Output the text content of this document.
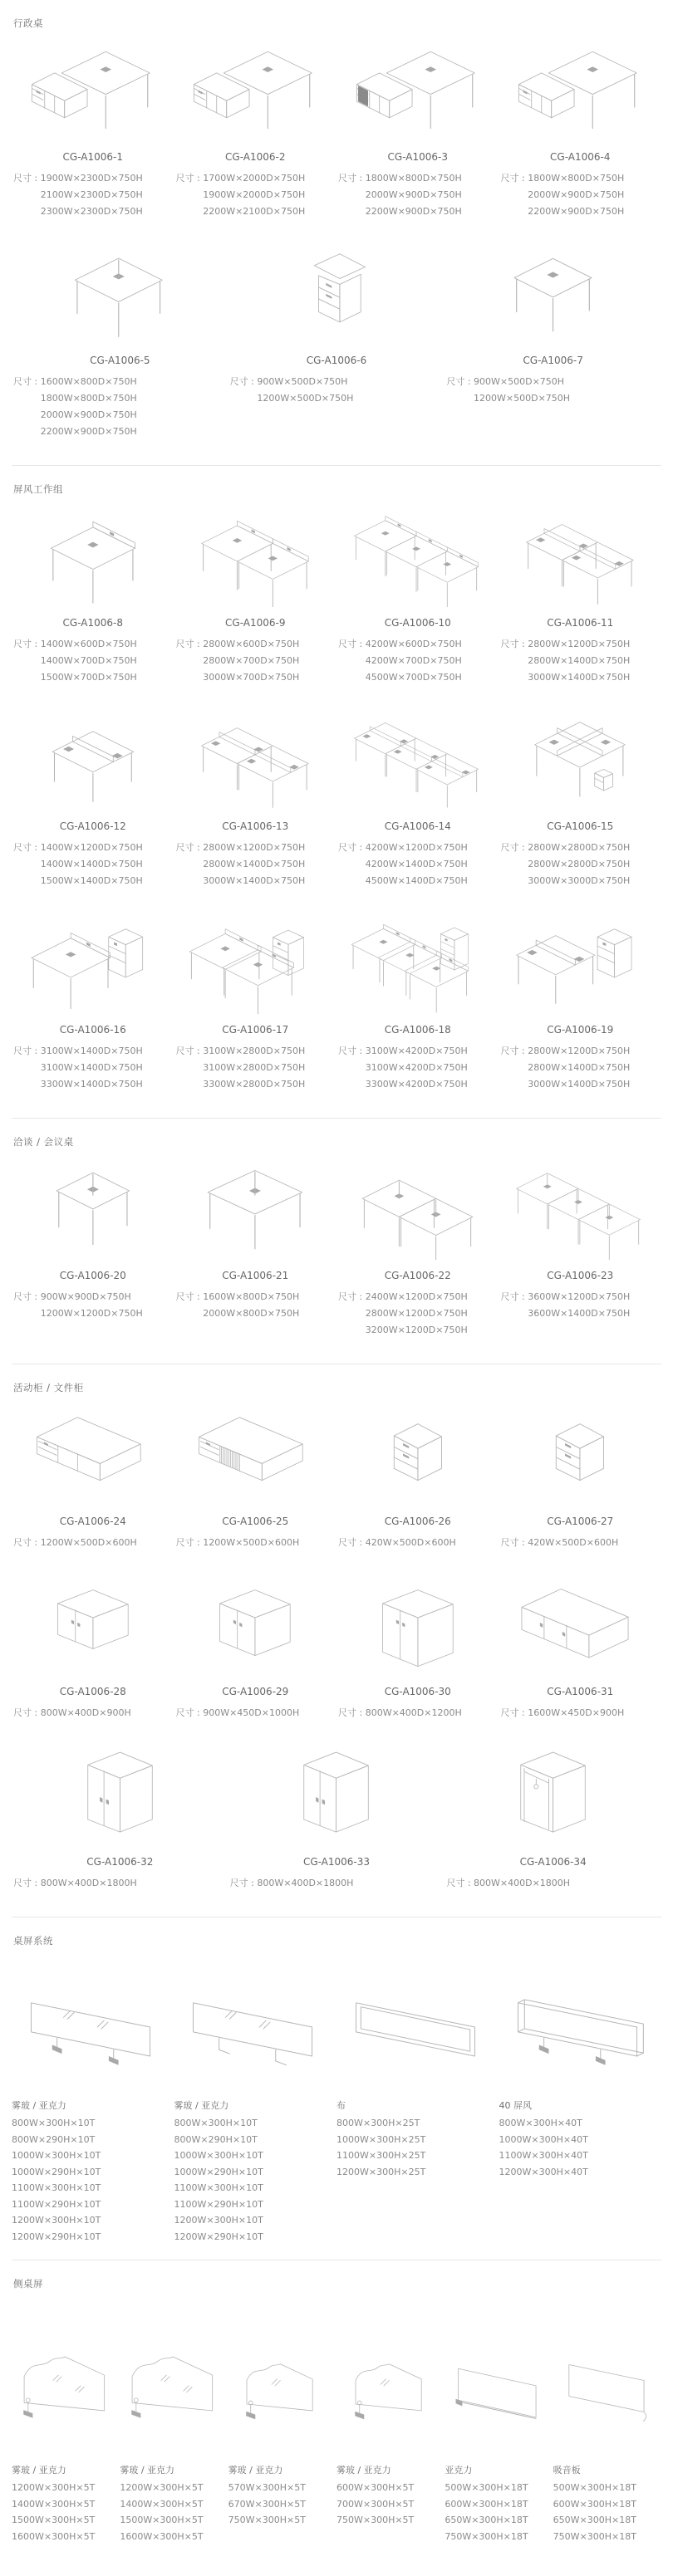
行政桌
CG-A1006-1
尺寸 : 1900W×2300D×750H
2100W×2300D×750H
2300W×2300D×750H
CG-A1006-2
尺寸 : 1700W×2000D×750H
1900W×2000D×750H
2200W×2100D×750H
CG-A1006-3
尺寸 : 1800W×800D×750H
2000W×900D×750H
2200W×900D×750H
CG-A1006-4
尺寸 : 1800W×800D×750H
2000W×900D×750H
2200W×900D×750H
CG-A1006-5
尺寸 : 1600W×800D×750H
1800W×800D×750H
2000W×900D×750H
2200W×900D×750H
CG-A1006-6
尺寸 : 900W×500D×750H
1200W×500D×750H
CG-A1006-7
尺寸 : 900W×500D×750H
1200W×500D×750H
屏风工作组
CG-A1006-8
尺寸 : 1400W×600D×750H
1400W×700D×750H
1500W×700D×750H
CG-A1006-9
尺寸 : 2800W×600D×750H
2800W×700D×750H
3000W×700D×750H
CG-A1006-10
尺寸 : 4200W×600D×750H
4200W×700D×750H
4500W×700D×750H
CG-A1006-11
尺寸 : 2800W×1200D×750H
2800W×1400D×750H
3000W×1400D×750H
CG-A1006-12
尺寸 : 1400W×1200D×750H
1400W×1400D×750H
1500W×1400D×750H
CG-A1006-13
尺寸 : 2800W×1200D×750H
2800W×1400D×750H
3000W×1400D×750H
CG-A1006-14
尺寸 : 4200W×1200D×750H
4200W×1400D×750H
4500W×1400D×750H
CG-A1006-15
尺寸 : 2800W×2800D×750H
2800W×2800D×750H
3000W×3000D×750H
CG-A1006-16
尺寸 : 3100W×1400D×750H
3100W×1400D×750H
3300W×1400D×750H
CG-A1006-17
尺寸 : 3100W×2800D×750H
3100W×2800D×750H
3300W×2800D×750H
CG-A1006-18
尺寸 : 3100W×4200D×750H
3100W×4200D×750H
3300W×4200D×750H
CG-A1006-19
尺寸 : 2800W×1200D×750H
2800W×1400D×750H
3000W×1400D×750H
洽谈 / 会议桌
CG-A1006-20
尺寸 : 900W×900D×750H
1200W×1200D×750H
CG-A1006-21
尺寸 : 1600W×800D×750H
2000W×800D×750H
CG-A1006-22
尺寸 : 2400W×1200D×750H
2800W×1200D×750H
3200W×1200D×750H
CG-A1006-23
尺寸 : 3600W×1200D×750H
3600W×1400D×750H
活动柜 / 文件柜
CG-A1006-24
尺寸 : 1200W×500D×600H
CG-A1006-25
尺寸 : 1200W×500D×600H
CG-A1006-26
尺寸 : 420W×500D×600H
CG-A1006-27
尺寸 : 420W×500D×600H
CG-A1006-28
尺寸 : 800W×400D×900H
CG-A1006-29
尺寸 : 900W×450D×1000H
CG-A1006-30
尺寸 : 800W×400D×1200H
CG-A1006-31
尺寸 : 1600W×450D×900H
CG-A1006-32
尺寸 : 800W×400D×1800H
CG-A1006-33
尺寸 : 800W×400D×1800H
CG-A1006-34
尺寸 : 800W×400D×1800H
桌屏系统
雾玻 / 亚克力
800W×300H×10T
800W×290H×10T
1000W×300H×10T
1000W×290H×10T
1100W×300H×10T
1100W×290H×10T
1200W×300H×10T
1200W×290H×10T
雾玻 / 亚克力
800W×300H×10T
800W×290H×10T
1000W×300H×10T
1000W×290H×10T
1100W×300H×10T
1100W×290H×10T
1200W×300H×10T
1200W×290H×10T
布
800W×300H×25T
1000W×300H×25T
1100W×300H×25T
1200W×300H×25T
40 屏风
800W×300H×40T
1000W×300H×40T
1100W×300H×40T
1200W×300H×40T
侧桌屏
雾玻 / 亚克力
1200W×300H×5T
1400W×300H×5T
1500W×300H×5T
1600W×300H×5T
雾玻 / 亚克力
1200W×300H×5T
1400W×300H×5T
1500W×300H×5T
1600W×300H×5T
雾玻 / 亚克力
570W×300H×5T
670W×300H×5T
750W×300H×5T
雾玻 / 亚克力
600W×300H×5T
700W×300H×5T
750W×300H×5T
亚克力
500W×300H×18T
600W×300H×18T
650W×300H×18T
750W×300H×18T
吸音板
500W×300H×18T
600W×300H×18T
650W×300H×18T
750W×300H×18T
